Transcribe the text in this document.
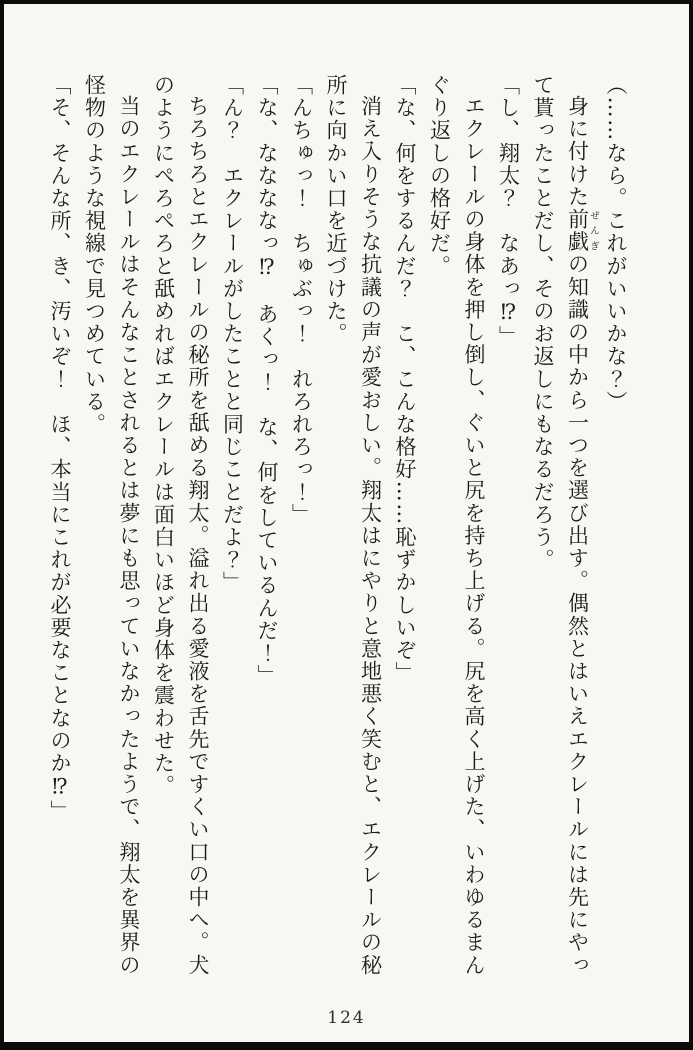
（……なら。これがいいかな？）

身に付けた前戯ぜんぎの知識の中から一つを選び出す。偶然とはいえエクレールには先にやって貰ったことだし、そのお返しにもなるだろう。

「し、翔太？　なあっ⁉」

エクレールの身体を押し倒し、ぐいと尻を持ち上げる。尻を高く上げた、いわゆるまんぐり返しの格好だ。

「な、何をするんだ？　こ、こんな格好……恥ずかしいぞ」

消え入りそうな抗議の声が愛おしい。翔太はにやりと意地悪く笑むと、エクレールの秘所に向かい口を近づけた。

「んちゅっ！　ちゅぶっ！　れろれろっ！」

「な、ななななっ⁉　あくっ！　な、何をしているんだ！」

「ん？　エクレールがしたことと同じことだよ？」

ちろちろとエクレールの秘所を舐める翔太。溢れ出る愛液を舌先ですくい口の中へ。犬のようにぺろぺろと舐めればエクレールは面白いほど身体を震わせた。

当のエクレールはそんなことされるとは夢にも思っていなかったようで、翔太を異界の怪物のような視線で見つめている。

「そ、そんな所、き、汚いぞ！　ほ、本当にこれが必要なことなのか⁉」

124
